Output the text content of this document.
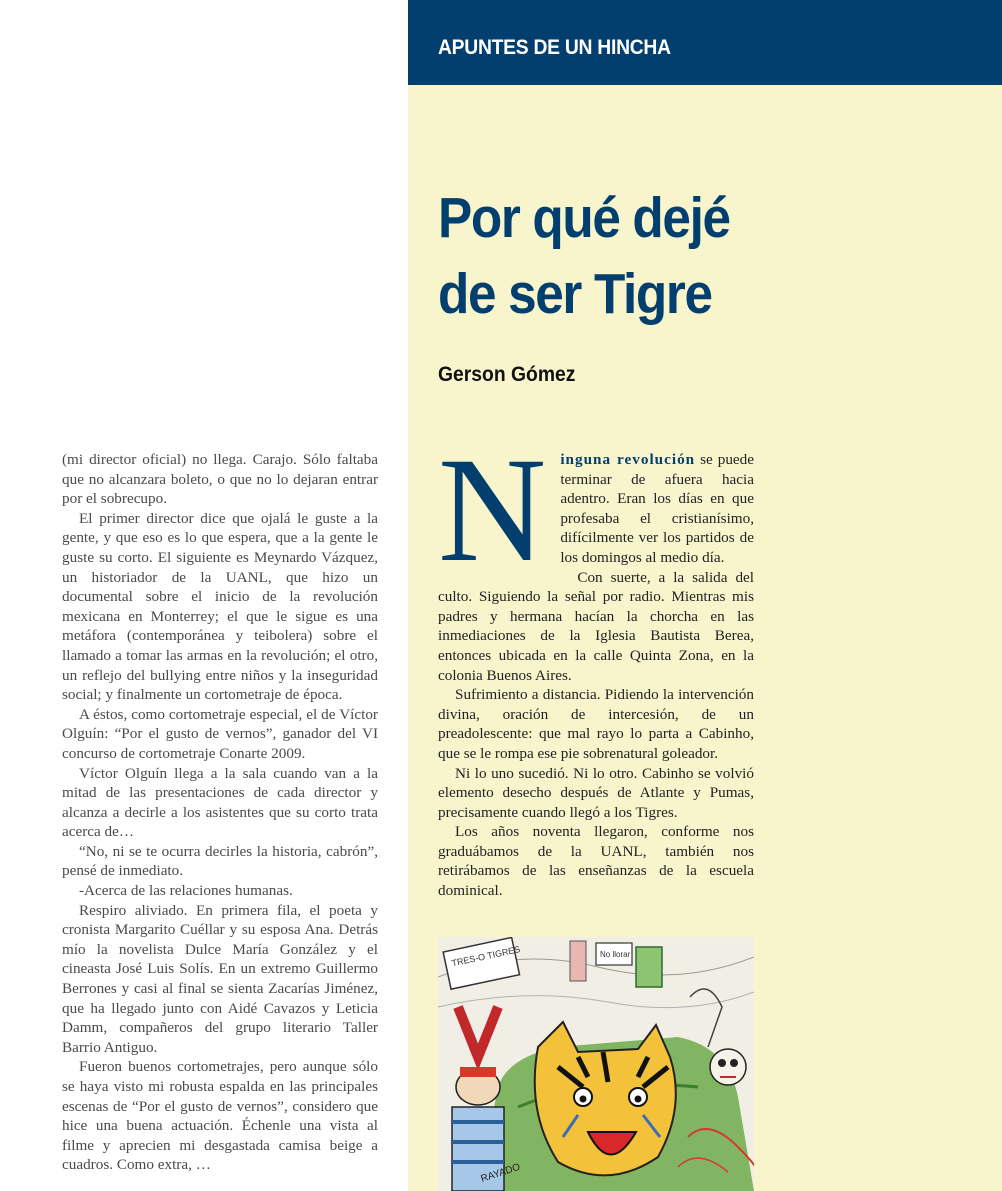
APUNTES DE UN HINCHA
Por qué dejé
de ser Tigre
Gerson Gómez

(mi director oficial) no llega. Carajo. Sólo faltaba que no alcanzara boleto, o que no lo dejaran entrar por el sobrecupo.

El primer director dice que ojalá le guste a la gente, y que eso es lo que espera, que a la gente le guste su corto. El siguiente es Meynardo Vázquez, un historiador de la UANL, que hizo un documental sobre el inicio de la revolución mexicana en Monterrey; el que le sigue es una metáfora (contemporánea y teibolera) sobre el llamado a tomar las armas en la revolución; el otro, un reflejo del bullying entre niños y la inseguridad social; y finalmente un cortometraje de época.

A éstos, como cortometraje especial, el de Víctor Olguín: “Por el gusto de vernos”, ganador del VI concurso de cortometraje Conarte 2009.

Víctor Olguín llega a la sala cuando van a la mitad de las presentaciones de cada director y alcanza a decirle a los asistentes que su corto trata acerca de…

“No, ni se te ocurra decirles la historia, cabrón”, pensé de inmediato.

-Acerca de las relaciones humanas.

Respiro aliviado. En primera fila, el poeta y cronista Margarito Cuéllar y su esposa Ana. Detrás mío la novelista Dulce María González y el cineasta José Luis Solís. En un extremo Guillermo Berrones y casi al final se sienta Zacarías Jiménez, que ha llegado junto con Aidé Cavazos y Leticia Damm, compañeros del grupo literario Taller Barrio Antiguo.

Fueron buenos cortometrajes, pero aunque sólo se haya visto mi robusta espalda en las principales escenas de “Por el gusto de vernos”, considero que hice una buena actuación. Échenle una vista al filme y aprecien mi desgastada camisa beige a cuadros. Como extra, …

Ninguna revolución se puede terminar de afuera hacia adentro. Eran los días en que profesaba el cristianísimo, difícilmente ver los partidos de los domingos al medio día.

Con suerte, a la salida del culto. Siguiendo la señal por radio. Mientras mis padres y hermana hacían la chorcha en las inmediaciones de la Iglesia Bautista Berea, entonces ubicada en la calle Quinta Zona, en la colonia Buenos Aires.

Sufrimiento a distancia. Pidiendo la intervención divina, oración de intercesión, de un preadolescente: que mal rayo lo parta a Cabinho, que se le rompa ese pie sobrenatural goleador.

Ni lo uno sucedió. Ni lo otro. Cabinho se volvió elemento desecho después de Atlante y Pumas, precisamente cuando llegó a los Tigres.

Los años noventa llegaron, conforme nos graduábamos de la UANL, también nos retirábamos de las enseñanzas de la escuela dominical.

TRES-O TIGRES	No llorar
RAYADO
